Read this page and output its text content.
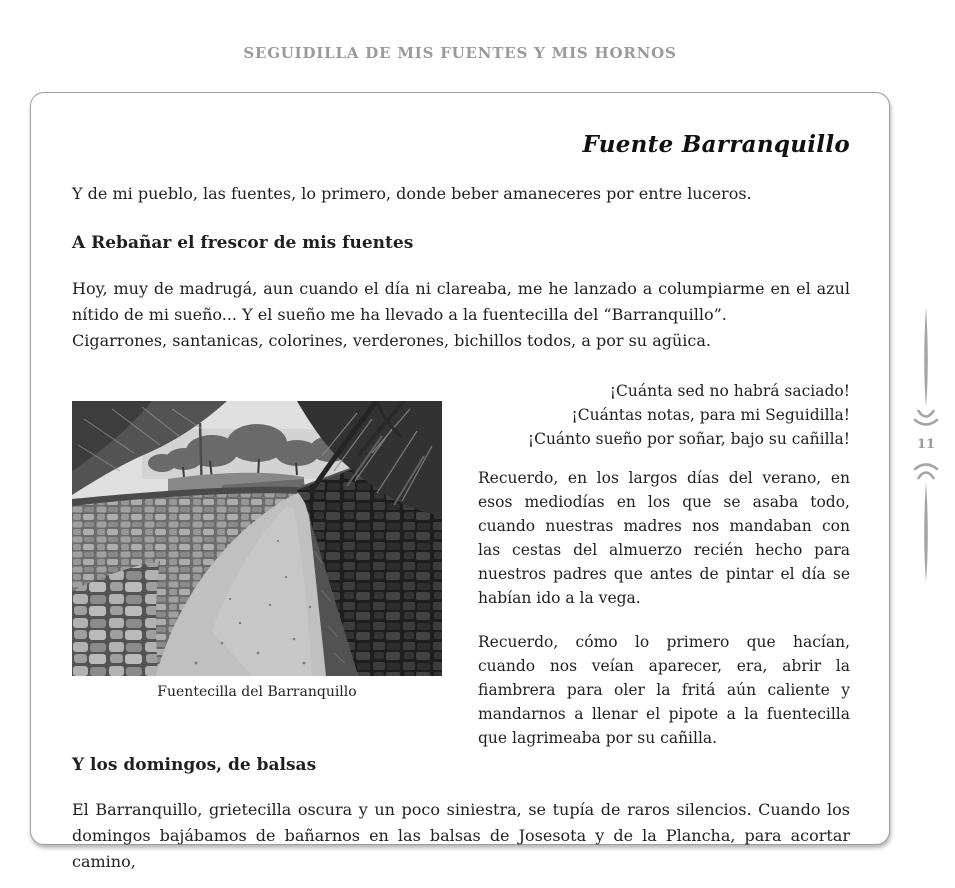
SEGUIDILLA DE MIS FUENTES Y MIS HORNOS
Fuente Barranquillo

Y de mi pueblo, las fuentes, lo primero, donde beber amaneceres por entre luceros.

A Rebañar el frescor de mis fuentes

Hoy, muy de madrugá, aun cuando el día ni clareaba, me he lanzado a columpiarme en el azul nítido de mi sueño... Y el sueño me ha llevado a la fuentecilla del “Barranquillo”.

Cigarrones, santanicas, colorines, verderones, bichillos todos, a por su agüica.

Fuentecilla del Barranquillo
¡Cuánta sed no habrá saciado!
¡Cuántas notas, para mi Seguidilla!
¡Cuánto sueño por soñar, bajo su cañilla!

Recuerdo, en los largos días del verano, en esos mediodías en los que se asaba todo, cuando nuestras madres nos mandaban con las cestas del almuerzo recién hecho para nuestros padres que antes de pintar el día se habían ido a la vega.

Recuerdo, cómo lo primero que hacían, cuando nos veían aparecer, era, abrir la fiambrera para oler la fritá aún caliente y mandarnos a llenar el pipote a la fuentecilla que lagrimeaba por su cañilla.

Y los domingos, de balsas

El Barranquillo, grietecilla oscura y un poco siniestra, se tupía de raros silencios. Cuando los domingos bajábamos de bañarnos en las balsas de Josesota y de la Plancha, para acortar camino,

11
